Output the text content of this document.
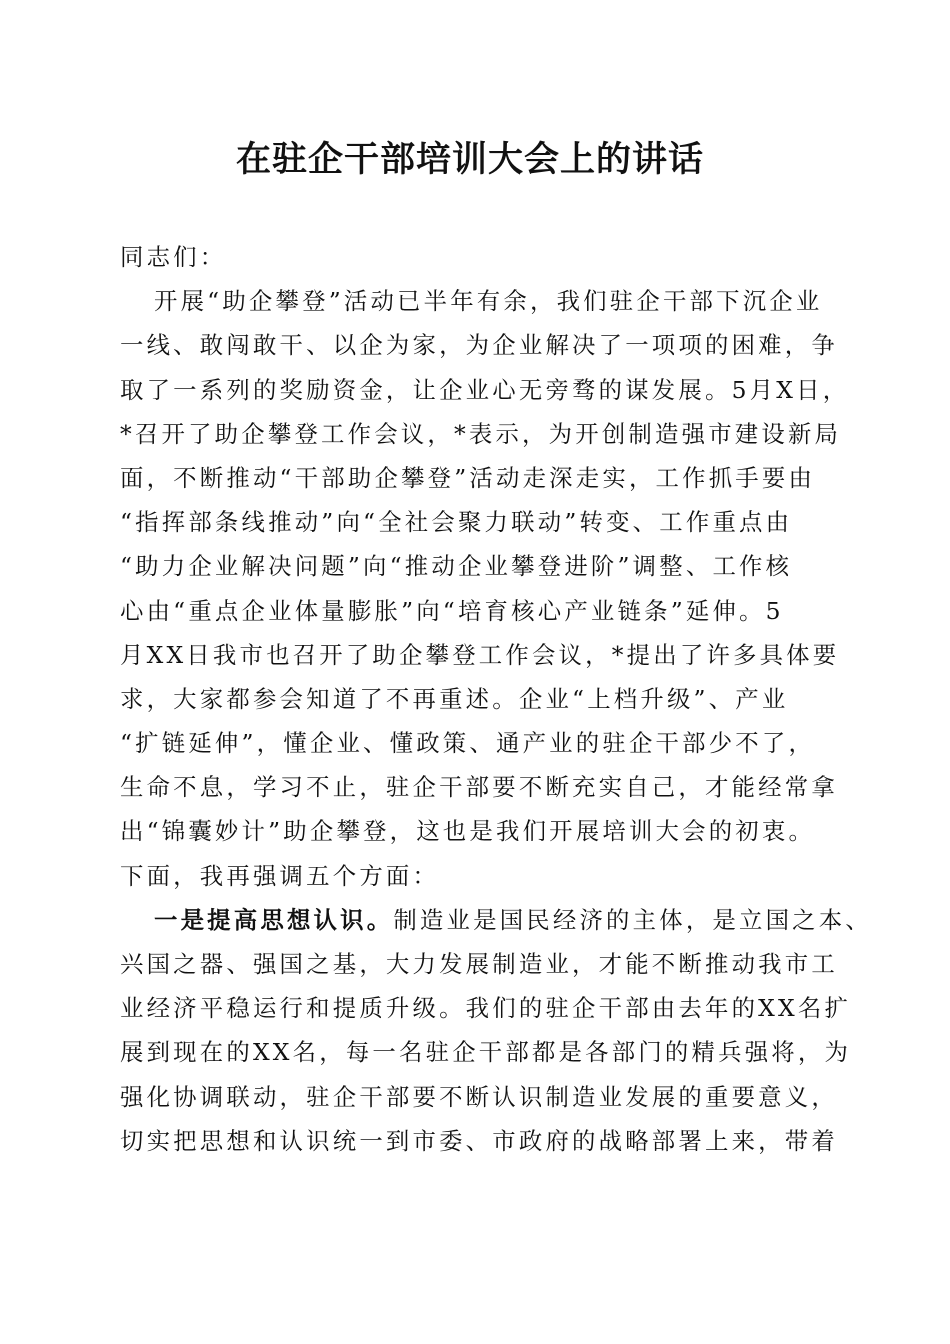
在驻企干部培训大会上的讲话
同志们：
开展“助企攀登”活动已半年有余，我们驻企干部下沉企业
一线、敢闯敢干、以企为家，为企业解决了一项项的困难，争
取了一系列的奖励资金，让企业心无旁骛的谋发展。5月X日，
*召开了助企攀登工作会议，*表示，为开创制造强市建设新局
面，不断推动“干部助企攀登”活动走深走实，工作抓手要由
“指挥部条线推动”向“全社会聚力联动”转变、工作重点由
“助力企业解决问题”向“推动企业攀登进阶”调整、工作核
心由“重点企业体量膨胀”向“培育核心产业链条”延伸。5
月XX日我市也召开了助企攀登工作会议，*提出了许多具体要
求，大家都参会知道了不再重述。企业“上档升级”、产业
“扩链延伸”，懂企业、懂政策、通产业的驻企干部少不了，
生命不息，学习不止，驻企干部要不断充实自己，才能经常拿
出“锦囊妙计”助企攀登，这也是我们开展培训大会的初衷。
下面，我再强调五个方面：
一是提高思想认识。制造业是国民经济的主体，是立国之本、
兴国之器、强国之基，大力发展制造业，才能不断推动我市工
业经济平稳运行和提质升级。我们的驻企干部由去年的XX名扩
展到现在的XX名，每一名驻企干部都是各部门的精兵强将，为
强化协调联动，驻企干部要不断认识制造业发展的重要意义，
切实把思想和认识统一到市委、市政府的战略部署上来，带着
